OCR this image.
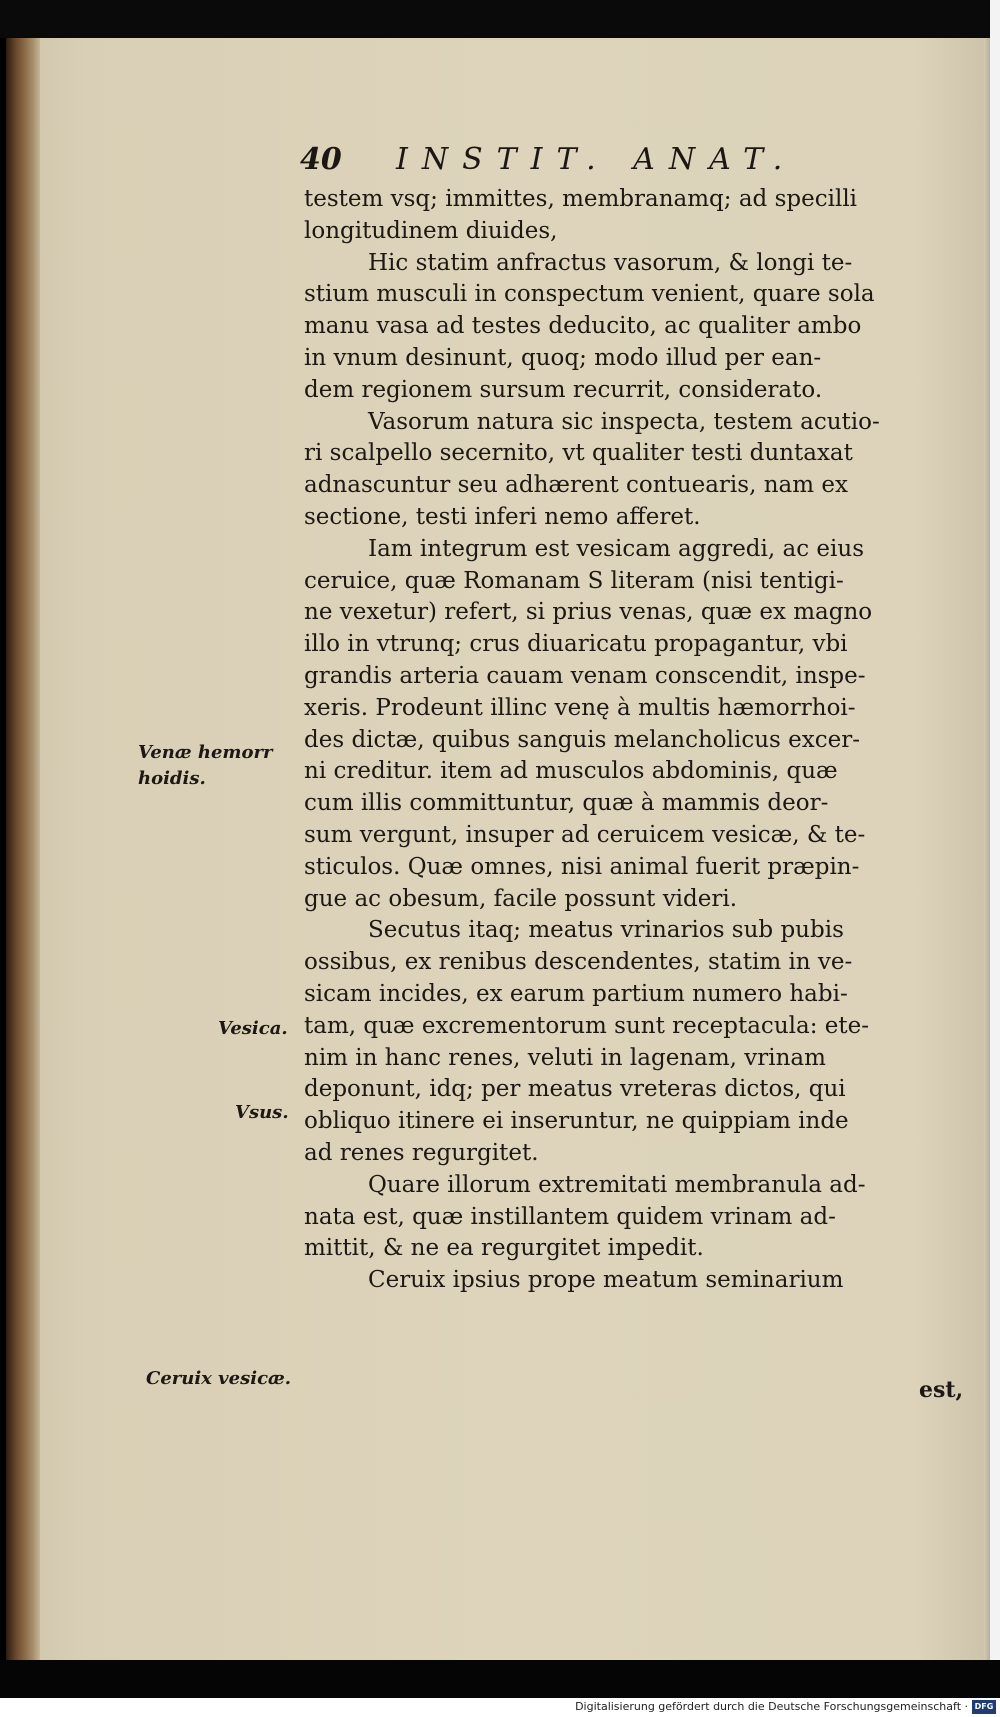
40 INSTIT. ANAT.
testem vsq; immittes, membranamq; ad specilli
longitudinem diuides,
Hic statim anfractus vasorum, & longi te-
stium musculi in conspectum venient, quare sola
manu vasa ad testes deducito, ac qualiter ambo
in vnum desinunt, quoq; modo illud per ean-
dem regionem sursum recurrit, considerato.
Vasorum natura sic inspecta, testem acutio-
ri scalpello secernito, vt qualiter testi duntaxat
adnascuntur seu adhærent contuearis, nam ex
sectione, testi inferi nemo afferet.
Iam integrum est vesicam aggredi, ac eius
ceruice, quæ Romanam S literam (nisi tentigi-
ne vexetur) refert, si prius venas, quæ ex magno
illo in vtrunq; crus diuaricatu propagantur, vbi
grandis arteria cauam venam conscendit, inspe-
xeris. Prodeunt illinc venę à multis hæmorrhoi-
des dictæ, quibus sanguis melancholicus excer-
ni creditur. item ad musculos abdominis, quæ
cum illis committuntur, quæ à mammis deor-
sum vergunt, insuper ad ceruicem vesicæ, & te-
sticulos. Quæ omnes, nisi animal fuerit præpin-
gue ac obesum, facile possunt videri.
Secutus itaq; meatus vrinarios sub pubis
ossibus, ex renibus descendentes, statim in ve-
sicam incides, ex earum partium numero habi-
tam, quæ excrementorum sunt receptacula: ete-
nim in hanc renes, veluti in lagenam, vrinam
deponunt, idq; per meatus vreteras dictos, qui
obliquo itinere ei inseruntur, ne quippiam inde
ad renes regurgitet.
Quare illorum extremitati membranula ad-
nata est, quæ instillantem quidem vrinam ad-
mittit, & ne ea regurgitet impedit.
Ceruix ipsius prope meatum seminarium
est,
Venæ hemorr
hoidis.
Vesica.
Vsus.
Ceruix vesicæ.
Digitalisierung gefördert durch die Deutsche Forschungsgemeinschaft · DFG
